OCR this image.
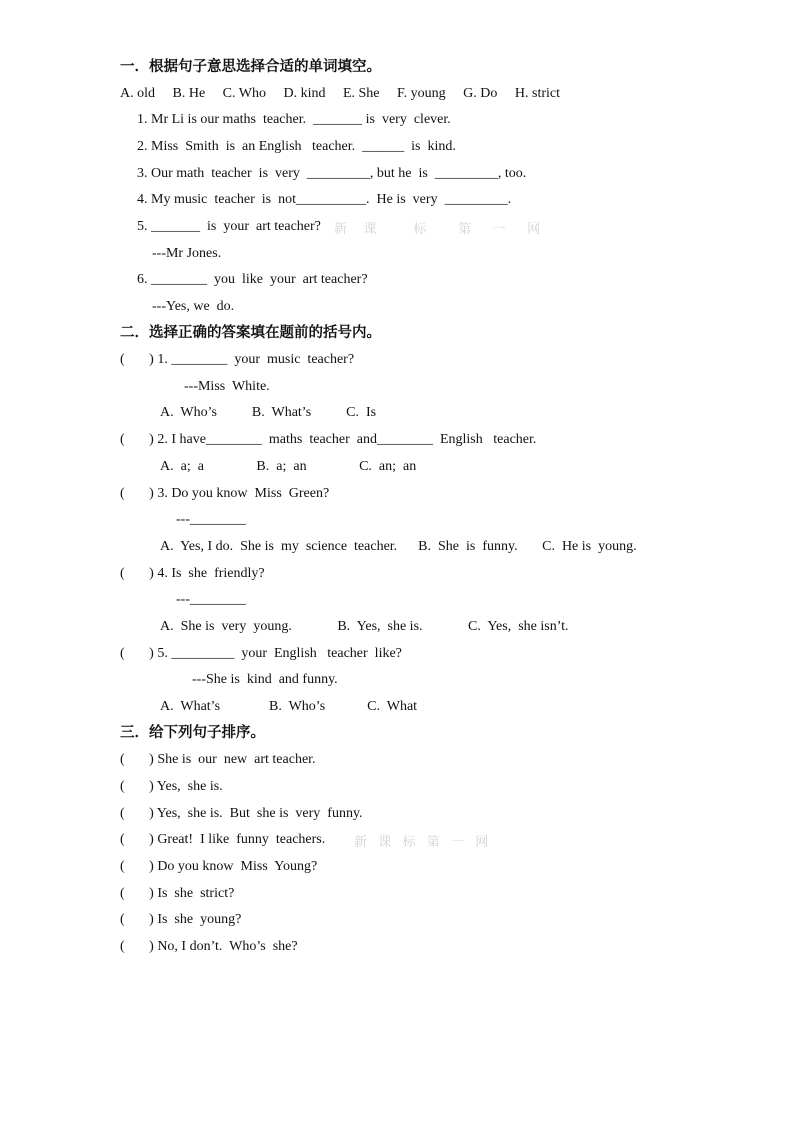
一．根据句子意思选择合适的单词填空。
A. old     B. He     C. Who     D. kind     E. She     F. young     G. Do     H. strict
1. Mr Li is our maths  teacher.  _______ is  very  clever.
2. Miss  Smith  is  an English   teacher.  ______  is  kind.
3. Our math  teacher  is  very  _________, but he  is  _________, too.
4. My music  teacher  is  not__________.  He is  very  _________.
5. _______  is  your  art teacher? 新   课       标      第    一    网
---Mr Jones.
6. ________  you  like  your  art teacher?
---Yes, we  do.
二．选择正确的答案填在题前的括号内。
(       ) 1. ________  your  music  teacher?
---Miss  White.
A.  Who’s          B.  What’s          C.  Is
(       ) 2. I have________  maths  teacher  and________  English   teacher.
A.  a;  a               B.  a;  an               C.  an;  an
(       ) 3. Do you know  Miss  Green?
---________
A.  Yes, I do.  She is  my  science  teacher.      B.  She  is  funny.       C.  He is  young.
(       ) 4. Is  she  friendly?
---________
A.  She is  very  young.             B.  Yes,  she is.             C.  Yes,  she isn’t.
(       ) 5. _________  your  English   teacher  like?
---She is  kind  and funny.
A.  What’s              B.  Who’s            C.  What
三．给下列句子排序。
(       ) She is  our  new  art teacher.
(       ) Yes,  she is.
(       ) Yes,  she is.  But  she is  very  funny.
(       ) Great!  I like  funny  teachers. 新  课  标  第  一  网
(       ) Do you know  Miss  Young?
(       ) Is  she  strict?
(       ) Is  she  young?
(       ) No, I don’t.  Who’s  she?
